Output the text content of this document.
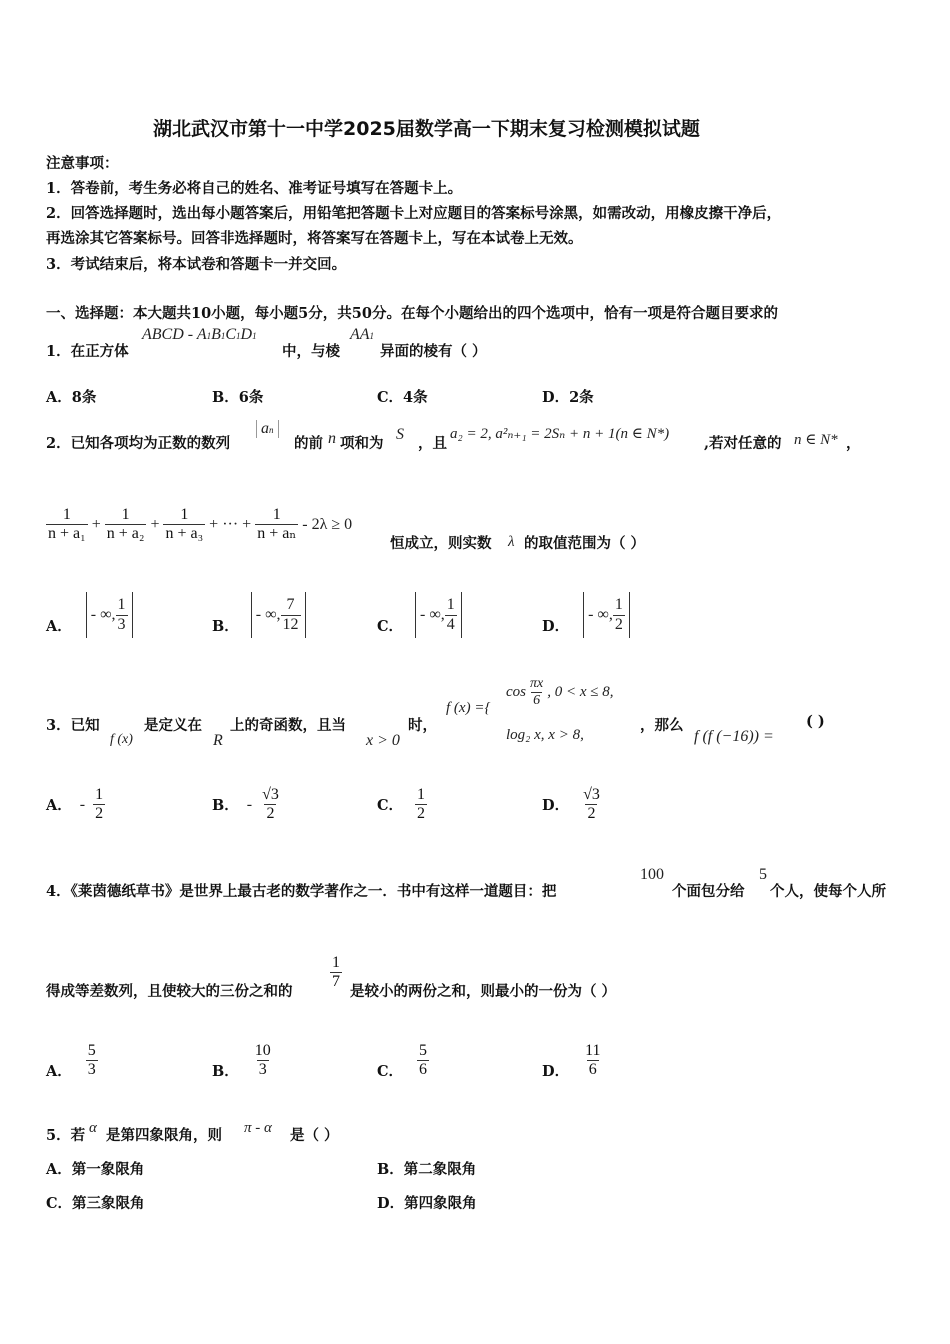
湖北武汉市第十一中学2025届数学高一下期末复习检测模拟试题
注意事项：
1．答卷前，考生务必将自己的姓名、准考证号填写在答题卡上。
2．回答选择题时，选出每小题答案后，用铅笔把答题卡上对应题目的答案标号涂黑，如需改动，用橡皮擦干净后，
再选涂其它答案标号。回答非选择题时，将答案写在答题卡上，写在本试卷上无效。
3．考试结束后，将本试卷和答题卡一并交回。
一、选择题：本大题共10小题，每小题5分，共50分。在每个小题给出的四个选项中，恰有一项是符合题目要求的
1．在正方体
ABCD - A1B1C1D1
中，与棱
AA1
异面的棱有（ ）
A．8条	B．6条	C．4条	D．2条
2．已知各项均为正数的数列
an
的前 n 项和为
S
，且
a₂ = 2, a²ₙ₊₁ = 2Sₙ + n + 1(n ∈ N*)
,若对任意的 n ∈ N* ，
$\frac{1}{\text{n + a₁}} + \frac{1}{\text{n + a₂}} + \frac{1}{\text{n + a₃}}$ + ··· + $\frac{1}{\text{n + aₙ}} - 2\lambda \ge 0$
恒成立，则实数 λ 的取值范围为（ ）
A．
- ∞, $\frac{1}{3}$	B．
- ∞, $\frac{7}{12}$	C．
- ∞, $\frac{1}{4}$	D．
- ∞, $\frac{1}{2}$
3．已知
f (x)
是定义在
R
上的奇函数，且当
x > 0
时，
f (x) ={
$\cos \frac{\pi x}{6}$ , 0 < x ≤ 8,
log₂ x, x > 8,
，那么
f (f (−16)) =
( )
A． - $\frac{1}{2}$	B． - $\frac{√3}{2}$	C． $\frac{1}{2}$	D． $\frac{√3}{2}$
4．《莱茵德纸草书》是世界上最古老的数学著作之一．书中有这样一道题目：把
100
个面包分给
5
个人，使每个人所
得成等差数列，且使较大的三份之和的 $\frac{1}{7}$ 是较小的两份之和，则最小的一份为（ ）
A． $\frac{5}{3}$	B． $\frac{10}{3}$	C． $\frac{5}{6}$	D． $\frac{11}{6}$
5．若 α 是第四象限角，则 π - α 是（ ）
A．第一象限角	B．第二象限角
C．第三象限角	D．第四象限角
